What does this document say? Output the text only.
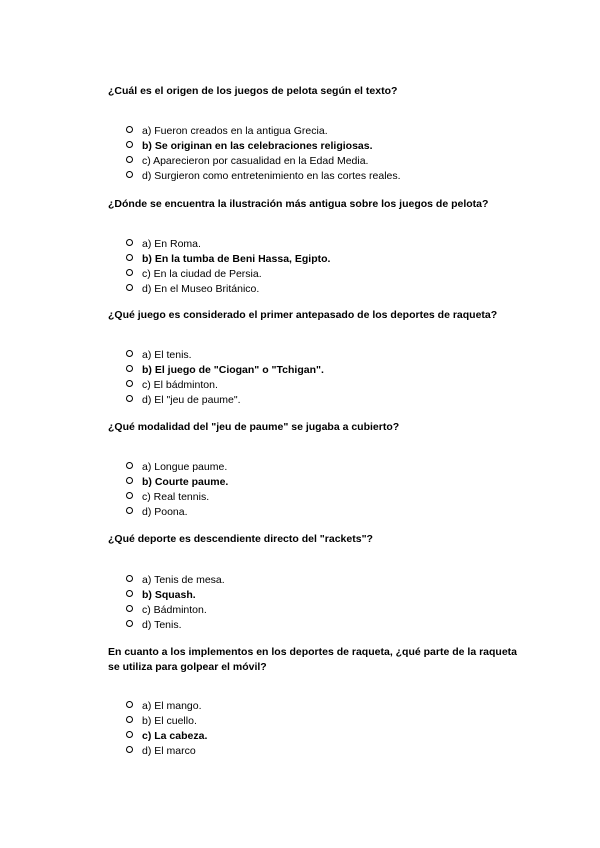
¿Cuál es el origen de los juegos de pelota según el texto?
a) Fueron creados en la antigua Grecia.
b) Se originan en las celebraciones religiosas.
c) Aparecieron por casualidad en la Edad Media.
d) Surgieron como entretenimiento en las cortes reales.
¿Dónde se encuentra la ilustración más antigua sobre los juegos de pelota?
a) En Roma.
b) En la tumba de Beni Hassa, Egipto.
c) En la ciudad de Persia.
d) En el Museo Británico.
¿Qué juego es considerado el primer antepasado de los deportes de raqueta?
a) El tenis.
b) El juego de "Ciogan" o "Tchigan".
c) El bádminton.
d) El "jeu de paume".
¿Qué modalidad del "jeu de paume" se jugaba a cubierto?
a) Longue paume.
b) Courte paume.
c) Real tennis.
d) Poona.
¿Qué deporte es descendiente directo del "rackets"?
a) Tenis de mesa.
b) Squash.
c) Bádminton.
d) Tenis.
En cuanto a los implementos en los deportes de raqueta, ¿qué parte de la raqueta se utiliza para golpear el móvil?
a) El mango.
b) El cuello.
c) La cabeza.
d) El marco
